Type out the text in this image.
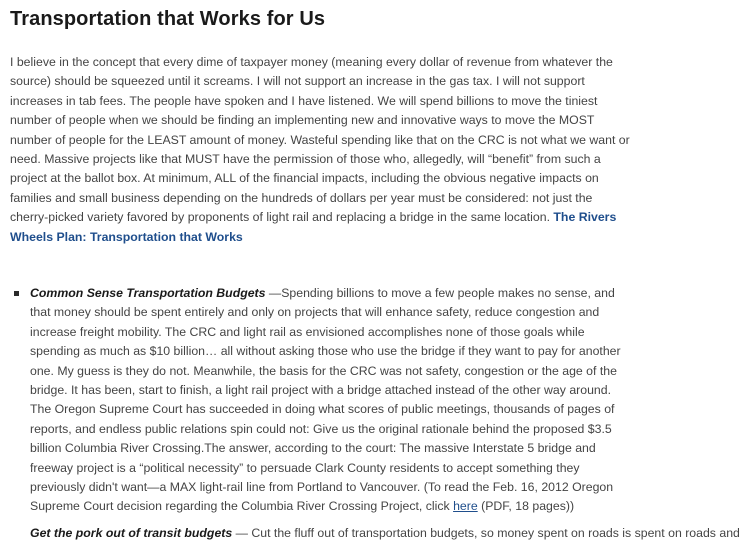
Transportation that Works for Us

I believe in the concept that every dime of taxpayer money (meaning every dollar of revenue from whatever the source) should be squeezed until it screams. I will not support an increase in the gas tax. I will not support increases in tab fees. The people have spoken and I have listened. We will spend billions to move the tiniest number of people when we should be finding an implementing new and innovative ways to move the MOST number of people for the LEAST amount of money. Wasteful spending like that on the CRC is not what we want or need. Massive projects like that MUST have the permission of those who, allegedly, will “benefit” from such a project at the ballot box. At minimum, ALL of the financial impacts, including the obvious negative impacts on families and small business depending on the hundreds of dollars per year must be considered: not just the cherry-picked variety favored by proponents of light rail and replacing a bridge in the same location. The Rivers Wheels Plan: Transportation that Works

Common Sense Transportation Budgets —Spending billions to move a few people makes no sense, and that money should be spent entirely and only on projects that will enhance safety, reduce congestion and increase freight mobility. The CRC and light rail as envisioned accomplishes none of those goals while spending as much as $10 billion… all without asking those who use the bridge if they want to pay for another one. My guess is they do not. Meanwhile, the basis for the CRC was not safety, congestion or the age of the bridge. It has been, start to finish, a light rail project with a bridge attached instead of the other way around. The Oregon Supreme Court has succeeded in doing what scores of public meetings, thousands of pages of reports, and endless public relations spin could not: Give us the original rationale behind the proposed $3.5 billion Columbia River Crossing.The answer, according to the court: The massive Interstate 5 bridge and freeway project is a “political necessity” to persuade Clark County residents to accept something they previously didn't want—a MAX light-rail line from Portland to Vancouver. (To read the Feb. 16, 2012 Oregon Supreme Court decision regarding the Columbia River Crossing Project, click here (PDF, 18 pages))
Get the pork out of transit budgets — Cut the fluff out of transportation budgets, so money spent on roads is spent on roads and
